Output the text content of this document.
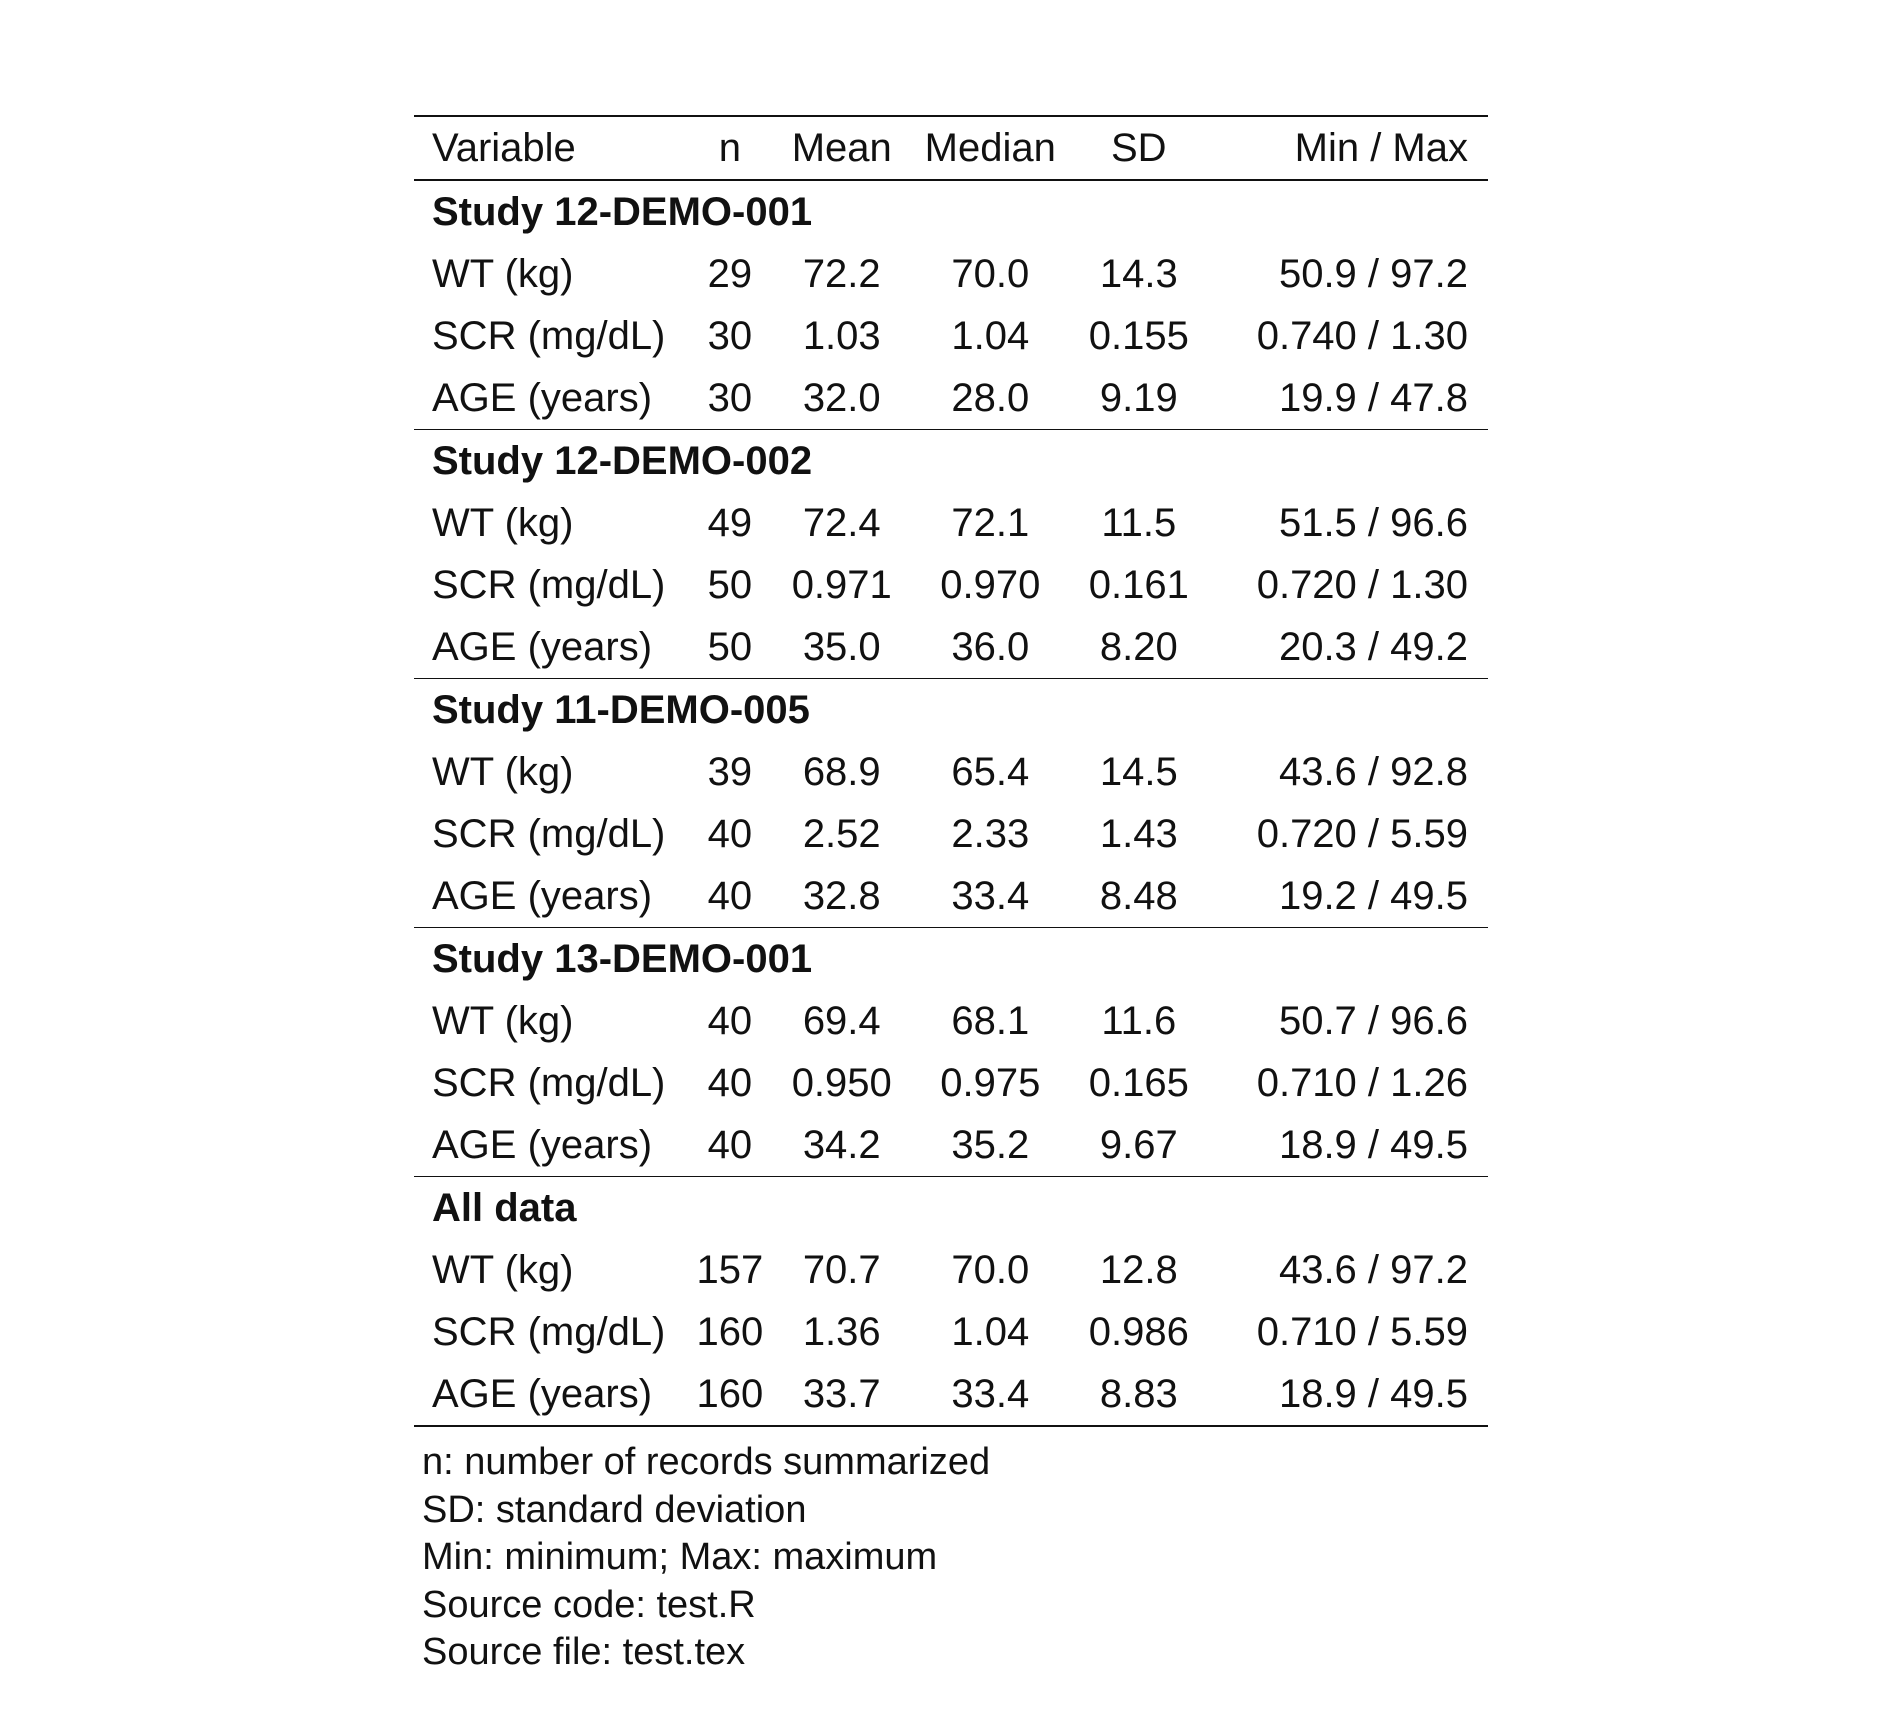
Variable	n	Mean	Median	SD	Min / Max
Study 12-DEMO-001					
WT (kg)	29	72.2	70.0	14.3	50.9 / 97.2
SCR (mg/dL)	30	1.03	1.04	0.155	0.740 / 1.30
AGE (years)	30	32.0	28.0	9.19	19.9 / 47.8
Study 12-DEMO-002					
WT (kg)	49	72.4	72.1	11.5	51.5 / 96.6
SCR (mg/dL)	50	0.971	0.970	0.161	0.720 / 1.30
AGE (years)	50	35.0	36.0	8.20	20.3 / 49.2
Study 11-DEMO-005					
WT (kg)	39	68.9	65.4	14.5	43.6 / 92.8
SCR (mg/dL)	40	2.52	2.33	1.43	0.720 / 5.59
AGE (years)	40	32.8	33.4	8.48	19.2 / 49.5
Study 13-DEMO-001					
WT (kg)	40	69.4	68.1	11.6	50.7 / 96.6
SCR (mg/dL)	40	0.950	0.975	0.165	0.710 / 1.26
AGE (years)	40	34.2	35.2	9.67	18.9 / 49.5
All data					
WT (kg)	157	70.7	70.0	12.8	43.6 / 97.2
SCR (mg/dL)	160	1.36	1.04	0.986	0.710 / 5.59
AGE (years)	160	33.7	33.4	8.83	18.9 / 49.5
n: number of records summarized
SD: standard deviation
Min: minimum; Max: maximum
Source code: test.R
Source file: test.tex
